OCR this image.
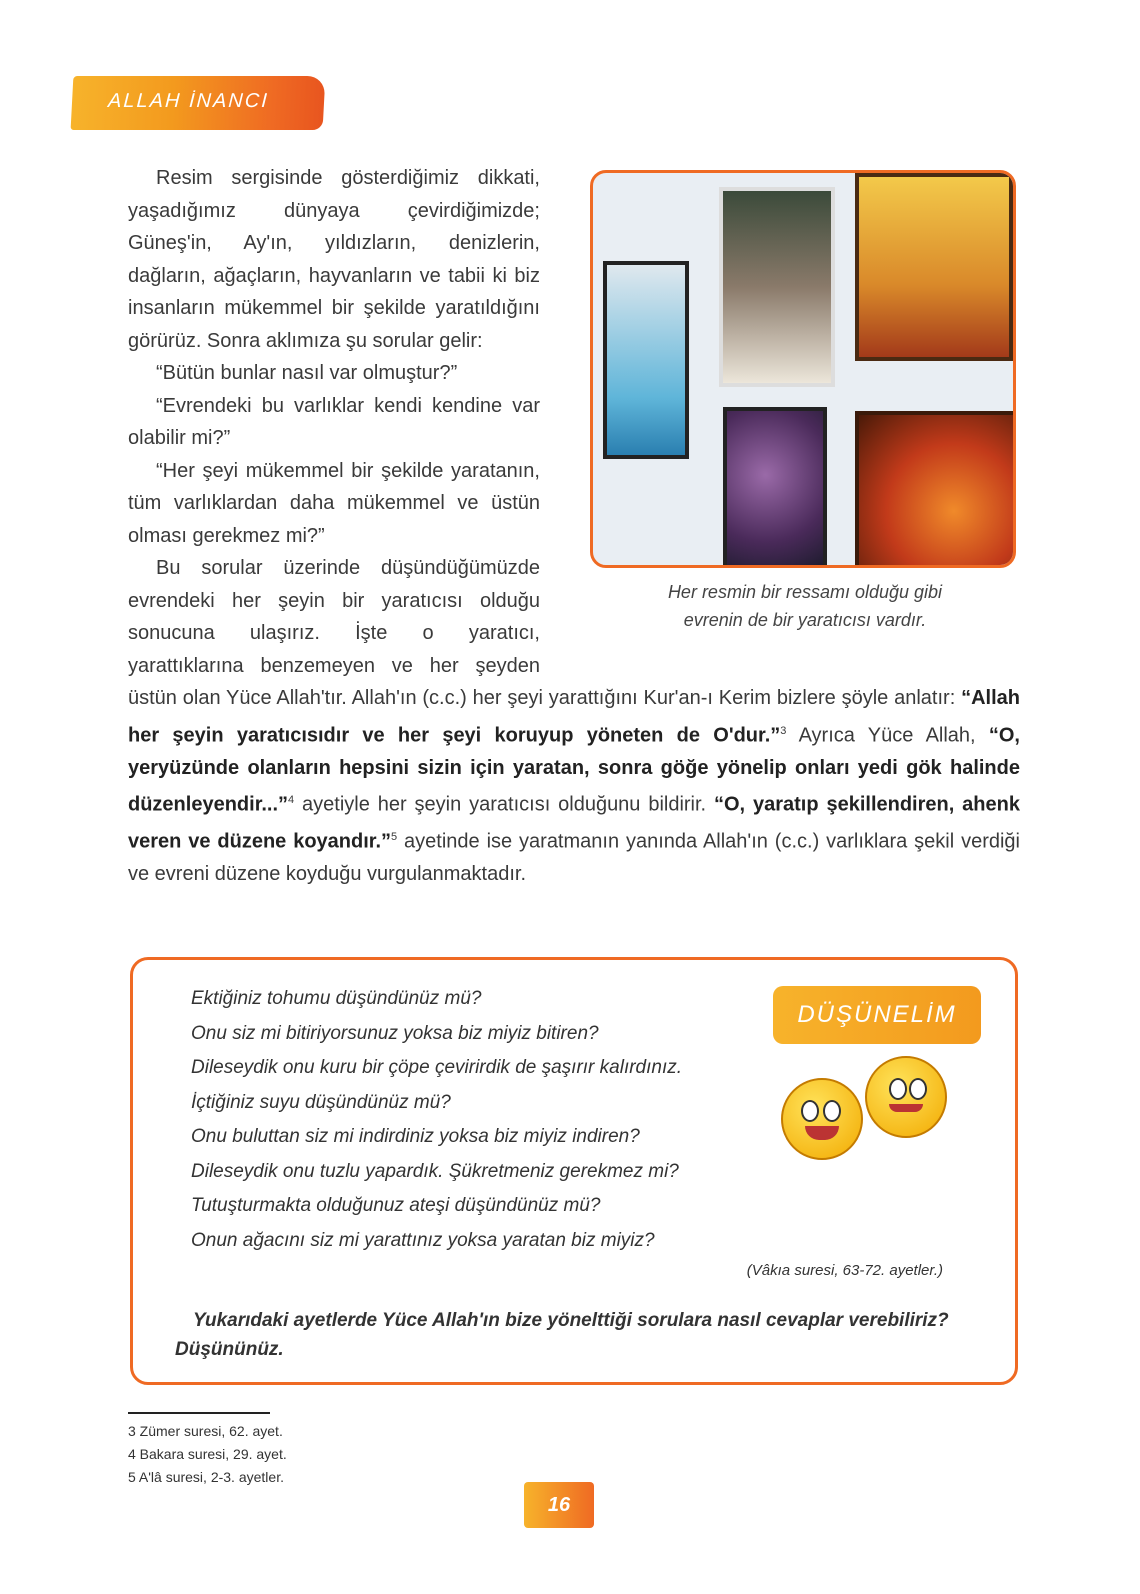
ALLAH İNANCI
Her resmin bir ressamı olduğu gibi
evrenin de bir yaratıcısı vardır.

Resim sergisinde gösterdiğimiz dikkati, yaşadığımız dünyaya çevirdiğimizde; Güneş'in, Ay'ın, yıldızların, denizlerin, dağların, ağaçların, hayvanların ve tabii ki biz insanların mükemmel bir şekilde yaratıldığını görürüz. Sonra aklımıza şu sorular gelir:

“Bütün bunlar nasıl var olmuştur?”

“Evrendeki bu varlıklar kendi kendine var olabilir mi?”

“Her şeyi mükemmel bir şekilde yaratanın, tüm varlıklardan daha mükemmel ve üstün olması gerekmez mi?”

Bu sorular üzerinde düşündüğümüzde evrendeki her şeyin bir yaratıcısı olduğu sonucuna ulaşırız. İşte o yaratıcı, yarattıklarına benzemeyen ve her şeyden üstün olan Yüce Allah'tır. Allah'ın (c.c.) her şeyi yarattığını Kur'an-ı Kerim bizlere şöyle anlatır: “Allah her şeyin yaratıcısıdır ve her şeyi koruyup yöneten de O'dur.”$^3$ Ayrıca Yüce Allah, “O, yeryüzünde olanların hepsini sizin için yaratan, sonra göğe yönelip onları yedi gök halinde düzenleyendir...”$^4$ ayetiyle her şeyin yaratıcısı olduğunu bildirir. “O, yaratıp şekillendiren, ahenk veren ve düzene koyandır.”$^5$ ayetinde ise yaratmanın yanında Allah'ın (c.c.) varlıklara şekil verdiği ve evreni düzene koyduğu vurgulanmaktadır.

Ektiğiniz tohumu düşündünüz mü?
Onu siz mi bitiriyorsunuz yoksa biz miyiz bitiren?
Dileseydik onu kuru bir çöpe çevirirdik de şaşırır kalırdınız.
İçtiğiniz suyu düşündünüz mü?
Onu buluttan siz mi indirdiniz yoksa biz miyiz indiren?
Dileseydik onu tuzlu yapardık. Şükretmeniz gerekmez mi?
Tutuşturmakta olduğunuz ateşi düşündünüz mü?
Onun ağacını siz mi yarattınız yoksa yaratan biz miyiz?
(Vâkıa suresi, 63-72. ayetler.)
Yukarıdaki ayetlerde Yüce Allah'ın bize yönelttiği sorulara nasıl cevaplar verebiliriz? Düşününüz.
DÜŞÜNELİM
3 Zümer suresi, 62. ayet.
4 Bakara suresi, 29. ayet.
5 A'lâ suresi, 2-3. ayetler.
16
